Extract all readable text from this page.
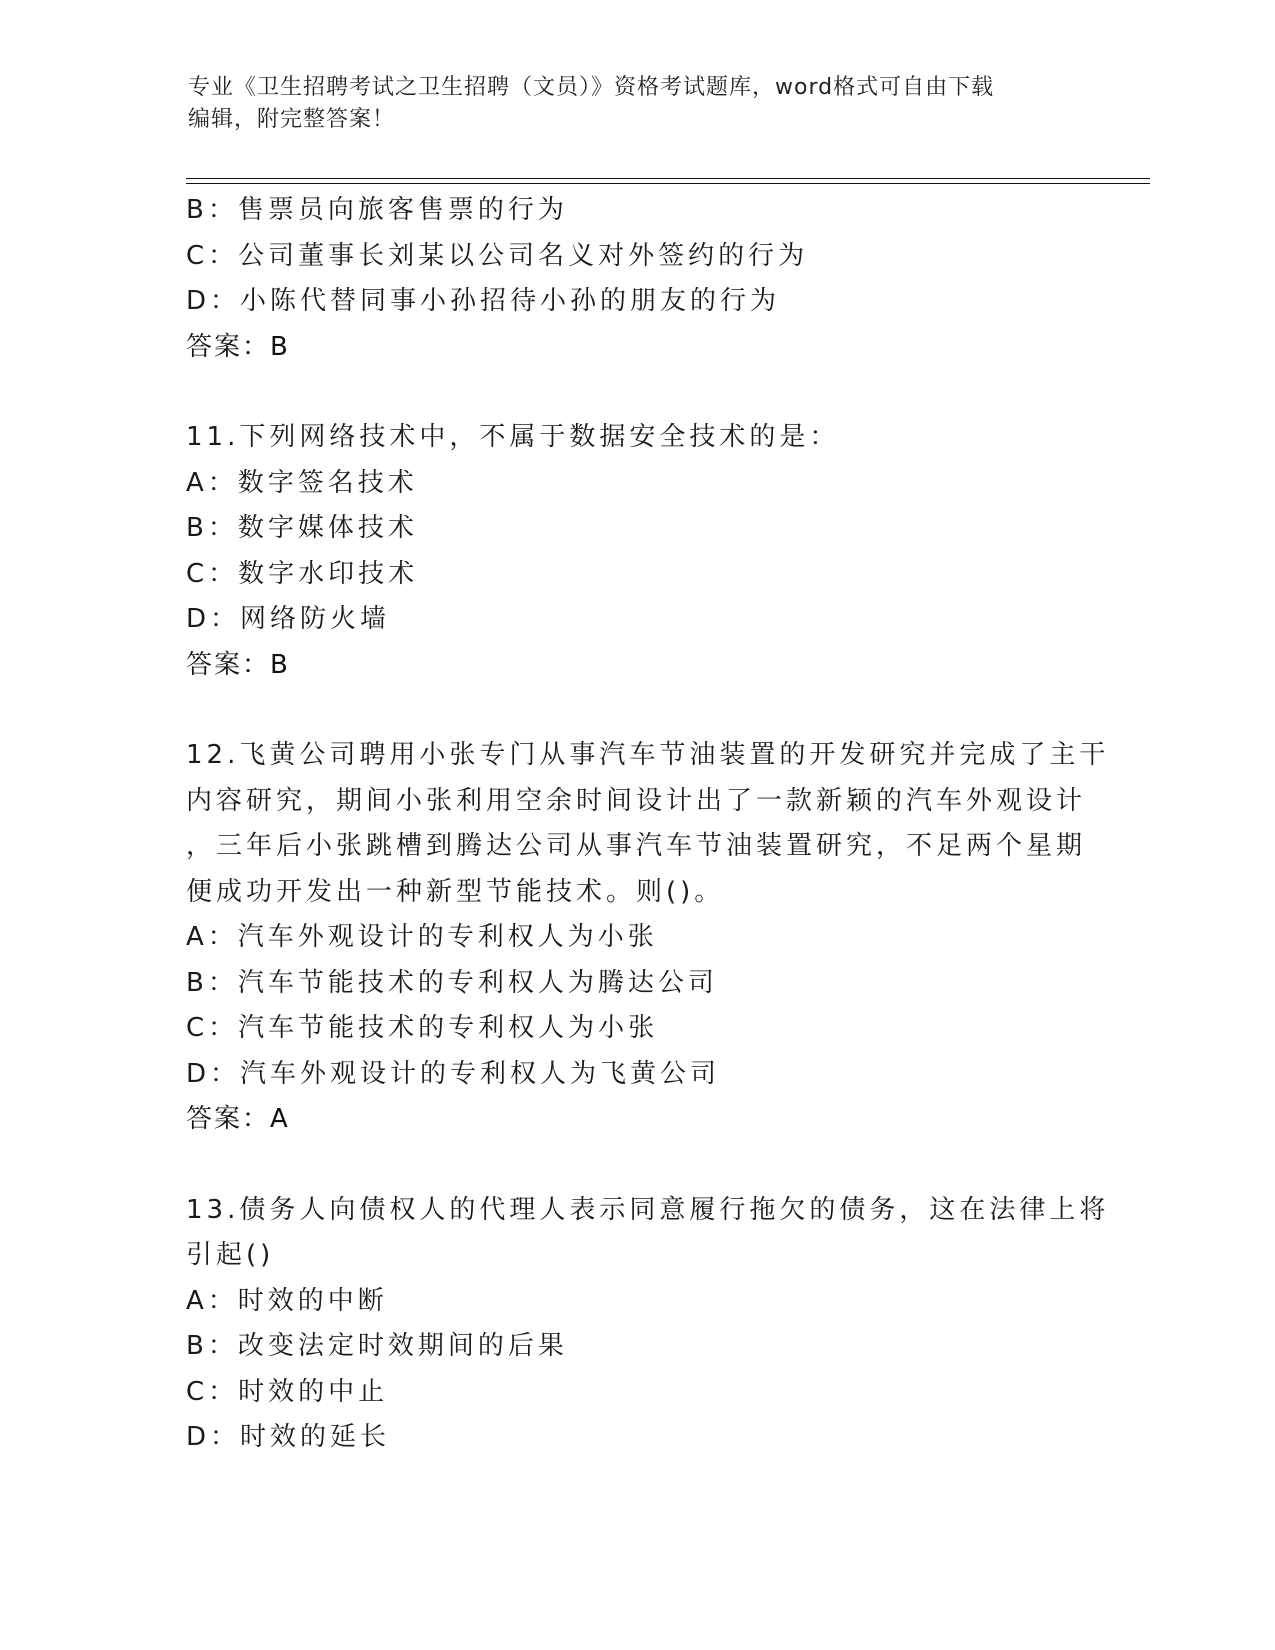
专业《卫生招聘考试之卫生招聘（文员）》资格考试题库，word格式可自由下载
编辑，附完整答案！
B：售票员向旅客售票的行为
C：公司董事长刘某以公司名义对外签约的行为
D：小陈代替同事小孙招待小孙的朋友的行为
答案：B
11.下列网络技术中，不属于数据安全技术的是：
A：数字签名技术
B：数字媒体技术
C：数字水印技术
D：网络防火墙
答案：B
12.飞黄公司聘用小张专门从事汽车节油装置的开发研究并完成了主干
内容研究，期间小张利用空余时间设计出了一款新颖的汽车外观设计
，三年后小张跳槽到腾达公司从事汽车节油装置研究，不足两个星期
便成功开发出一种新型节能技术。则()。
A：汽车外观设计的专利权人为小张
B：汽车节能技术的专利权人为腾达公司
C：汽车节能技术的专利权人为小张
D：汽车外观设计的专利权人为飞黄公司
答案：A
13.债务人向债权人的代理人表示同意履行拖欠的债务，这在法律上将
引起()
A：时效的中断
B：改变法定时效期间的后果
C：时效的中止
D：时效的延长
